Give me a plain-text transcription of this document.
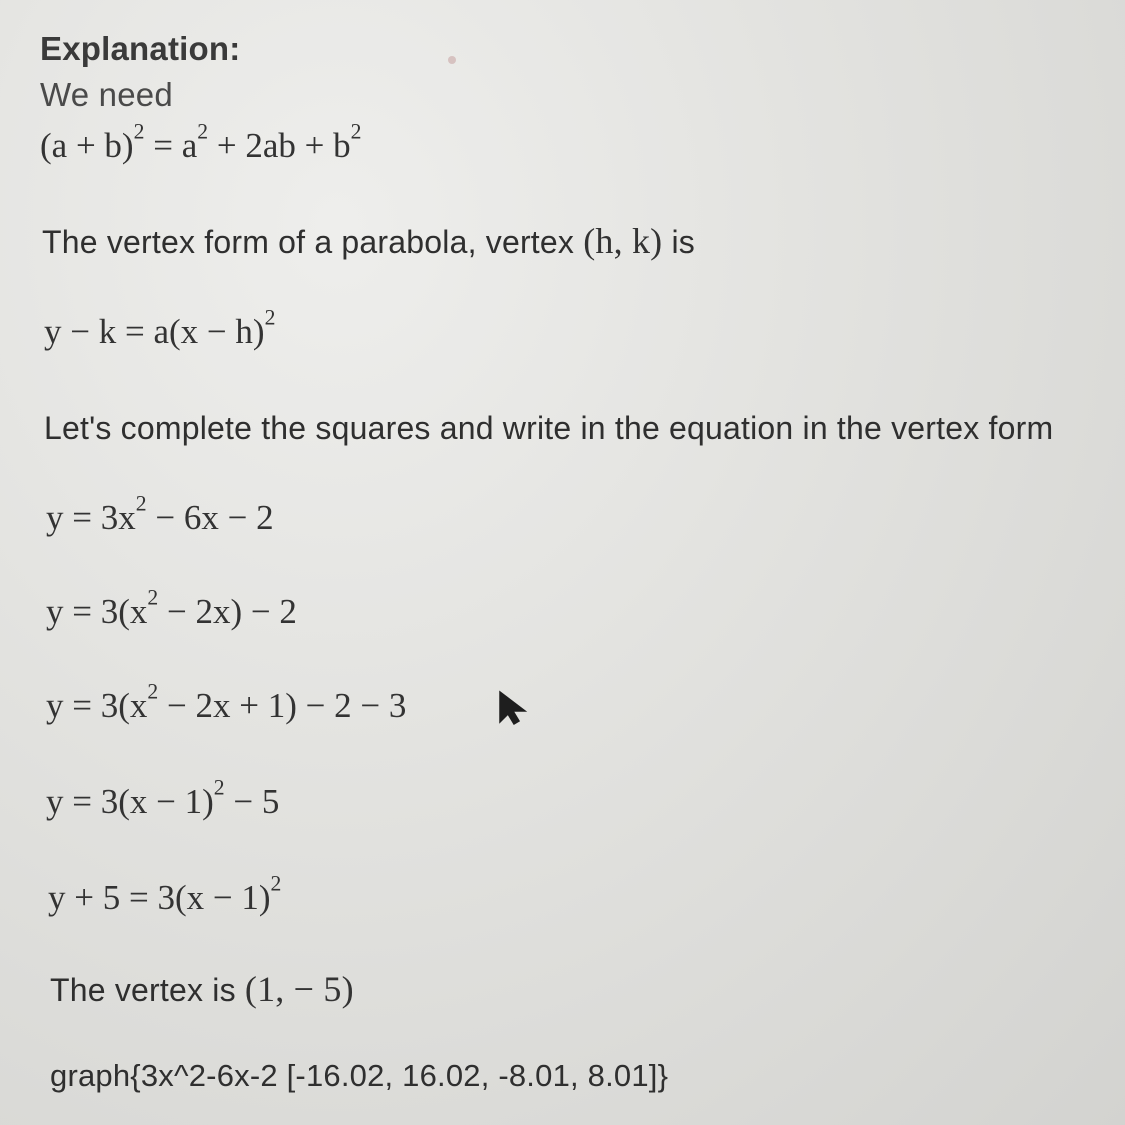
Explanation:
We need
$(a + b)^2 = a^2 + 2ab + b^2$
The vertex form of a parabola, vertex (h, k) is
$y - k = a(x - h)^2$
Let's complete the squares and write in the equation in the vertex form
$y = 3x^2 - 6x - 2$
$y = 3(x^2 - 2x) - 2$
$y = 3(x^2 - 2x + 1) - 2 - 3$
$y = 3(x - 1)^2 - 5$
$y + 5 = 3(x - 1)^2$
The vertex is (1, − 5)
graph{3x^2-6x-2 [-16.02, 16.02, -8.01, 8.01]}
